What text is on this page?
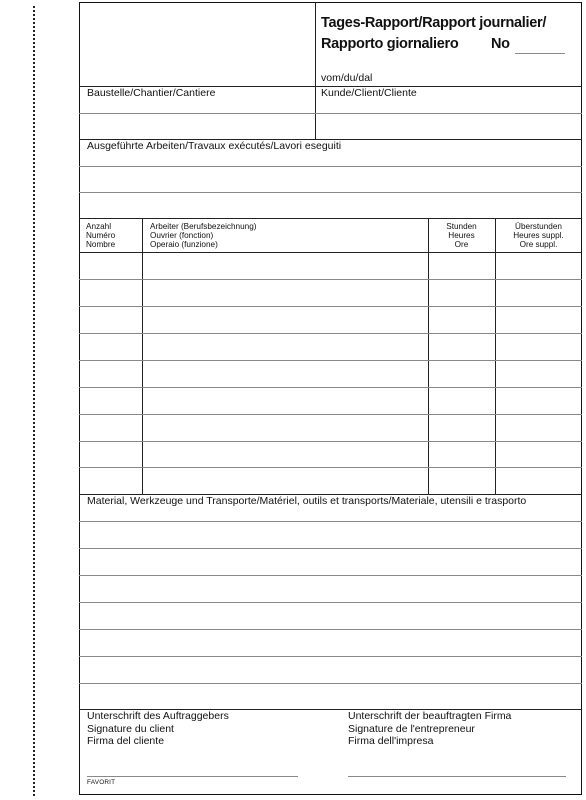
Tages-Rapport/Rapport journalier/
Rapporto giornaliero No
vom/du/dal
Baustelle/Chantier/Cantiere	Kunde/Client/Cliente
Ausgeführte Arbeiten/Travaux exécutés/Lavori eseguiti
Anzahl
Numéro
Nombre
Arbeiter (Berufsbezeichnung)
Ouvrier (fonction)
Operaio (funzione)
Stunden
Heures
Ore
Überstunden
Heures suppl.
Ore suppl.
Material, Werkzeuge und Transporte/Matériel, outils et transports/Materiale, utensili e trasporto
Unterschrift des Auftraggebers
Signature du client
Firma del cliente
Unterschrift der beauftragten Firma
Signature de l'entrepreneur
Firma dell'impresa
FAVORIT
